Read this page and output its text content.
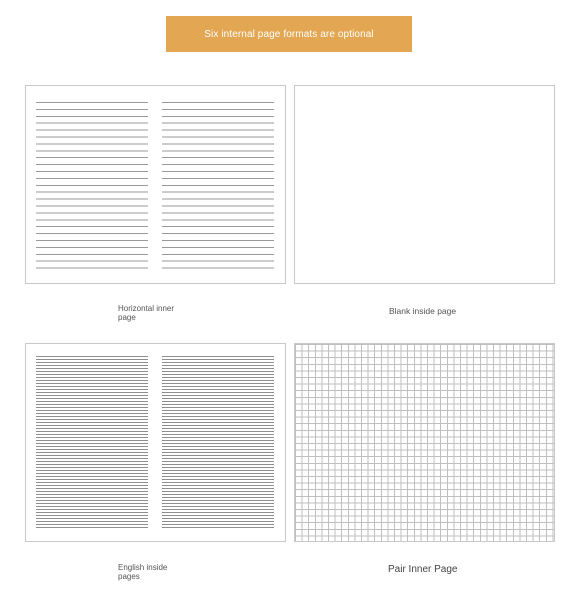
Six internal page formats are optional
Horizontal inner page
Blank inside page
English inside pages
Pair Inner Page
